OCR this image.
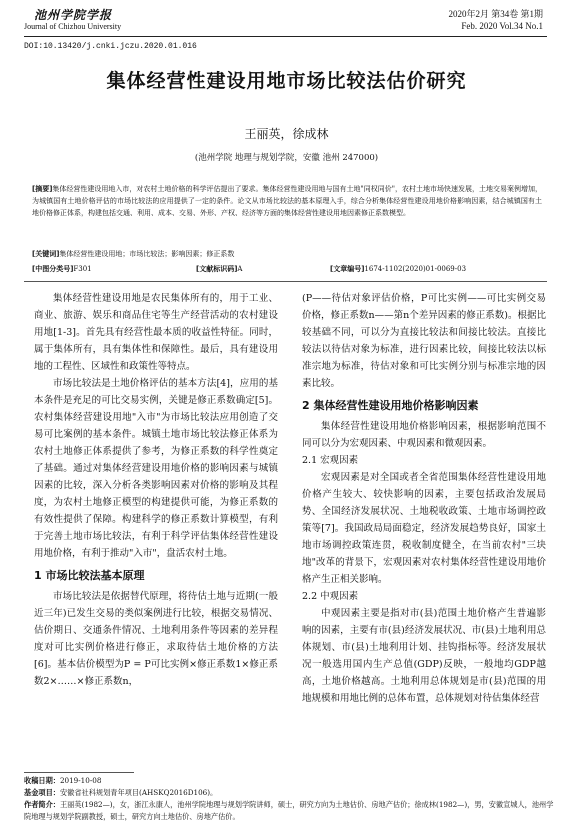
池州学院学报
Journal of Chizhou University
2020年2月 第34卷 第1期
Feb. 2020 Vol.34 No.1
DOI:10.13420/j.cnki.jczu.2020.01.016
集体经营性建设用地市场比较法估价研究
王丽英，徐成林
(池州学院 地理与规划学院，安徽 池州 247000)
[摘要]集体经营性建设用地入市，对农村土地价格的科学评估提出了要求。集体经营性建设用地与国有土地"同权同价"，农村土地市场快速发展，土地交易案例增加，为城镇国有土地价格评估的市场比较法的应用提供了一定的条件。论文从市场比较法的基本原理入手，综合分析集体经营性建设用地价格影响因素，结合城镇国有土地价格修正体系，构建包括交通、利用、成本、交易、外形、产权、经济等方面的集体经营性建设用地因素修正系数模型。
[关键词]集体经营性建设用地；市场比较法；影响因素；修正系数
[中图分类号]F301	[文献标识码]A	[文章编号]1674-1102(2020)01-0069-03

集体经营性建设用地是农民集体所有的，用于工业、商业、旅游、娱乐和商品住宅等生产经营活动的农村建设用地[1-3]。首先具有经营性最本质的收益性特征。同时，属于集体所有，具有集体性和保障性。最后，具有建设用地的工程性、区域性和政策性等特点。

市场比较法是土地价格评估的基本方法[4]，应用的基本条件是充足的可比交易实例，关键是修正系数确定[5]。农村集体经营建设用地"入市"为市场比较法应用创造了交易可比案例的基本条件。城镇土地市场比较法修正体系为农村土地修正体系提供了参考，为修正系数的科学性奠定了基础。通过对集体经营建设用地价格的影响因素与城镇因素的比较，深入分析各类影响因素对价格的影响及其程度，为农村土地修正模型的构建提供可能，为修正系数的有效性提供了保障。构建科学的修正系数计算模型，有利于完善土地市场比较法，有利于科学评估集体经营性建设用地价格，有利于推动"入市"，盘活农村土地。

1 市场比较法基本原理

市场比较法是依据替代原理，将待估土地与近期(一般近三年)已发生交易的类似案例进行比较，根据交易情况、估价期日、交通条件情况、土地利用条件等因素的差异程度对可比实例价格进行修正，求取待估土地价格的方法[6]。基本估价模型为P = P可比实例×修正系数1×修正系数2×……×修正系数n，

(P——待估对象评估价格，P可比实例——可比实例交易价格，修正系数n——第n个差异因素的修正系数)。根据比较基础不同，可以分为直接比较法和间接比较法。直接比较法以待估对象为标准，进行因素比较，间接比较法以标准宗地为标准，待估对象和可比实例分别与标准宗地的因素比较。

2 集体经营性建设用地价格影响因素

集体经营性建设用地价格影响因素，根据影响范围不同可以分为宏观因素、中观因素和微观因素。

2.1 宏观因素

宏观因素是对全国或者全省范围集体经营性建设用地价格产生较大、较快影响的因素，主要包括政治发展局势、全国经济发展状况、土地税收政策、土地市场调控政策等[7]。我国政局局面稳定，经济发展趋势良好，国家土地市场调控政策连贯，税收制度健全，在当前农村"三块地"改革的背景下，宏观因素对农村集体经营性建设用地价格产生正相关影响。

2.2 中观因素

中观因素主要是指对市(县)范围土地价格产生普遍影响的因素，主要有市(县)经济发展状况、市(县)土地利用总体规划、市(县)土地利用计划、挂钩指标等。经济发展状况一般选用国内生产总值(GDP)反映，一般地均GDP越高，土地价格越高。土地利用总体规划是市(县)范围的用地规模和用地比例的总体布置，总体规划对待估集体经营

收稿日期：2019-10-08
基金项目：安徽省社科规划青年项目(AHSKQ2016D106)。
作者简介：王丽英(1982—)，女，浙江永康人，池州学院地理与规划学院讲师，硕士，研究方向为土地估价、房地产估价；徐成林(1982—)，男，安徽宣城人，池州学院地理与规划学院副教授，硕士，研究方向土地估价、房地产估价。
